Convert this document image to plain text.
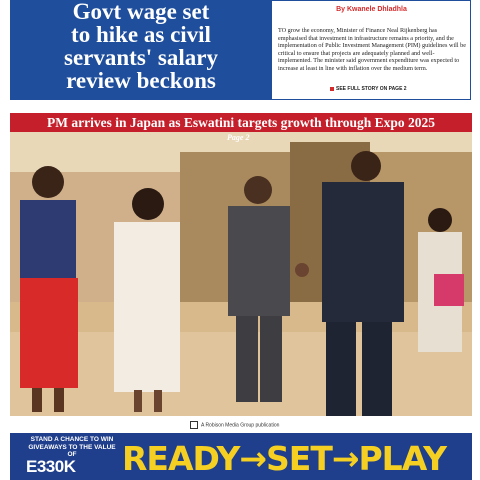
Govt wage set
to hike as civil
servants' salary
review beckons
By Kwanele Dhladhla
TO grow the economy, Minister of Finance Neal Rijkenberg has emphasised that investment in infrastructure remains a priority, and the implementation of Public Investment Management (PIM) guidelines will be critical to ensure that projects are adequately planned and well-implemented. The minister said government expenditure was expected to increase at least in line with inflation over the medium term.
SEE FULL STORY ON PAGE 2
PM arrives in Japan as Eswatini targets growth through Expo 2025
Page 2
A Robison Media Group publication
STAND A CHANCE TO WIN GIVEAWAYS TO THE VALUE OF
E330K READY→SET→PLAY
